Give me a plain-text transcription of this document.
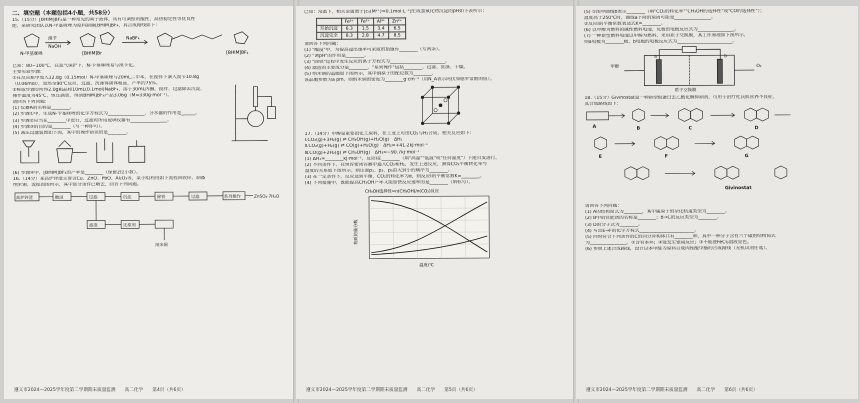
二、填空题（本题包括4小题，共58分）
15.（15分）[BHIM]BF₄是一种常见的离子液体，具有可调控的酸性、高热稳定性等优良性
能，某研究团队以N-甲基咪唑为原料制备[BHIM]BF₄，其合成路线如下：
N-甲基咪唑
溴苄
NaOH
[BHIM]Br
NaBF₄
[BHIM]BF₄
已知：80~100℃、在氮气保护下，N-苄基咪唑易与溴苄化。
主要实验步骤：
①在反应瓶中加入12.8g（0.15mol）N-甲基咪唑与20mL二甲苯，在搅拌下滴入溴苄10.8g
（0.06mol），加热至90℃反应，过滤，洗涤得固体粗品，产率约75%。
②称取步骤①所得2.0g粗品和10mL(0.1mol)NaBF₄，溶于30mL丙酮，搅拌、过滤除去沉淀，
操作温度为45℃，恒压滴加，得到BHIM]BF₄产品3.06g（M=330g·mol⁻¹）。
请回答下列问题：
(1) 仪器A的名称是________。
(2) 步骤①中，生成N-苄基咪唑的化学方程式为________________，分水器的作用是______。
(3) 步骤②应当在________中进行，过滤时所用玻璃仪器有________________。
(4) 步骤③的目的是________（写一种即可）。
(5) 减压过滤装置如下图，其中的操作错误的是________。
(6) 步骤④中，[BHIM]BF₄的产率是________（保留2位小数）。
16.（14分）某高炉锌渣主要含Cu、ZnO、PbO、Al₂O₃等，某小组利用如下流程回收锌，制备
纳米铜，流程如图所示，其中部分条件已略去，回答下列问题。
高炉锌渣	酸浸	过滤	沉淀	除铁	过滤	系列操作	ZnSO₄·7H₂O
滤渣	还原剂
纳米铜
遵义市2024—2025学年度第二学期期末质量监测　　高二化学　　第4页（共6页）
已知：常温下，相关金属离子[c₀(M²⁺)=0.1mol·L⁻¹]生成氢氧化物沉淀的pH如下表所示：
	Fe³⁺	Fe²⁺	Al³⁺	Zn²⁺
开始沉淀	6.3	1.5	3.4	6.5
沉淀完全	8.3	2.8	4.7	8.5
请回答下列问题：
(1) "酸浸"中，为提高浸出速率可采取的措施有________（写两条）。
(2) "调pH"的作用是________。
(3) "除铁"过程中发生反应的离子方程式为________________________。
(4) 滤渣的主要成分是________，"系列操作"包括________、过滤、洗涤、干燥。
(5) 纳米铜的晶胞如下图所示，其中铜原子的配位数为________，
该晶胞参数为a pm，则纳米铜的密度为________g·cm⁻³（用N_A表示阿伏加德罗常数的值）。
17.（14分）甲醇是重要的化工原料，在工业上可由CO₂与H₂合成，相关反应如下：
Ⅰ.CO₂(g)+3H₂(g) ⇌ CH₃OH(g)+H₂O(g)　ΔH₁
Ⅱ.CO₂(g)+H₂(g) ⇌ CO(g)+H₂O(g)　ΔH₂=+41.2kJ·mol⁻¹
Ⅲ.CO(g)+2H₂(g) ⇌ CH₃OH(g)　ΔH₃=−90.7kJ·mol⁻¹
(1) ΔH₁=________kJ·mol⁻¹，反应Ⅰ在________（填"高温""低温"或"任何温度"）下能自发进行。
(2) 不同条件下，在恒容密闭容器中通入CO₂和H₂，发生上述反应，测得CO₂平衡转化率与
温度的关系如下图所示。则压强p₁、p₂、p₃由大到小的顺序为________。
(3) 在一定条件下，反应达到平衡，CO₂的转化率为α，则反应Ⅰ的平衡常数K=________。
(4) 下列措施中，既能提高CH₃OH产率又能加快反应速率的是________（填标号）。
CH₃OH选择性=n(CH₃OH)/n(CO₂)反应
温度/℃
物质的量分数
遵义市2024—2025学年度第二学期期末质量监测　　高二化学　　第5页（共6页）
(5) ①图中曲线b表示________（填"CO₂的转化率""CH₃OH的选择性"或"CO的选择性"）；
温度高于250℃时，曲线a下降的原因可能是________________。
②反应Ⅰ的平衡常数表达式K=________。
(6) 以甲醇为燃料的碱性燃料电池，负极的电极反应式为________________。
(7) 一种新型燃料电池以甲醇为燃料，采用质子交换膜，其工作原理如下图所示，
则a电极为________极，b电极的电极反应式为________________________。
甲醇
质子交换膜
a	b
O₂
18.（15分）Givinostat是一种新型组蛋白去乙酰化酶抑制剂，可用于治疗杜氏肌营养不良症，
其合成路线如下：
A	B	C	D
E	F	G
Givinostat
请回答下列问题：
(1) A的结构简式为________，其中碳原子的杂化轨道类型为________。
(2) B中的官能团的名称是________；B→C的反应类型为________。
(3) D的分子式为________。
(4) 写出E→F的化学方程式________________________。
(5) 同时符合下列条件的C的同分异构体共有________种，其中一种分子含有六个碳的结构简式
为________________。①含有苯环；②能发生银镜反应；③不能使FeCl₃溶液显色。
(6) 参照上述合成路线，设计以苯甲醛为原料合成肉桂酸甲酯的合成路线（无机试剂任选）。
遵义市2024—2025学年度第二学期期末质量监测　　高二化学　　第6页（共6页）
